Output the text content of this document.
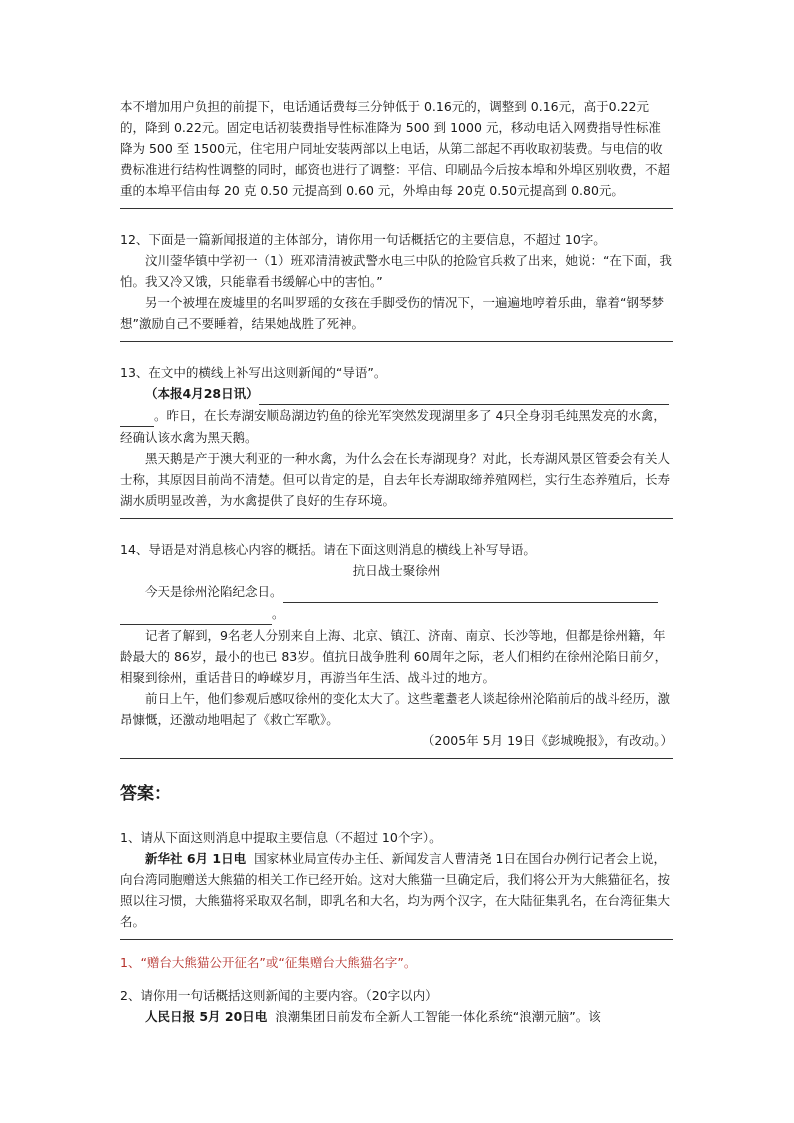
本不增加用户负担的前提下，电话通话费每三分钟低于 0.16元的，调整到 0.16元，高于0.22元的，降到 0.22元。固定电话初装费指导性标准降为 500 到 1000 元，移动电话入网费指导性标准降为 500 至 1500元，住宅用户同址安装两部以上电话，从第二部起不再收取初装费。与电信的收费标准进行结构性调整的同时，邮资也进行了调整：平信、印刷品今后按本埠和外埠区别收费，不超重的本埠平信由每 20 克 0.50 元提高到 0.60 元，外埠由每 20克 0.50元提高到 0.80元。

12、下面是一篇新闻报道的主体部分，请你用一句话概括它的主要信息，不超过 10字。

汶川蓥华镇中学初一（1）班邓清清被武警水电三中队的抢险官兵救了出来，她说：“在下面，我怕。我又冷又饿，只能靠看书缓解心中的害怕。”

另一个被埋在废墟里的名叫罗瑶的女孩在手脚受伤的情况下，一遍遍地哼着乐曲，靠着“钢琴梦想”激励自己不要睡着，结果她战胜了死神。

13、在文中的横线上补写出这则新闻的“导语”。

（本报4月28日讯）

。昨日，在长寿湖安顺岛湖边钓鱼的徐光军突然发现湖里多了 4只全身羽毛纯黑发亮的水禽，经确认该水禽为黑天鹅。

黑天鹅是产于澳大利亚的一种水禽，为什么会在长寿湖现身？对此，长寿湖风景区管委会有关人士称，其原因目前尚不清楚。但可以肯定的是，自去年长寿湖取缔养殖网栏，实行生态养殖后，长寿湖水质明显改善，为水禽提供了良好的生存环境。

14、导语是对消息核心内容的概括。请在下面这则消息的横线上补写导语。

抗日战士聚徐州

今天是徐州沦陷纪念日。

。

记者了解到，9名老人分别来自上海、北京、镇江、济南、南京、长沙等地，但都是徐州籍，年龄最大的 86岁，最小的也已 83岁。值抗日战争胜利 60周年之际，老人们相约在徐州沦陷日前夕，相聚到徐州，重话昔日的峥嵘岁月，再游当年生活、战斗过的地方。

前日上午，他们参观后感叹徐州的变化太大了。这些耄耋老人谈起徐州沦陷前后的战斗经历，激昂慷慨，还激动地唱起了《救亡军歌》。

（2005年 5月 19日《彭城晚报》，有改动。）

答案：

1、请从下面这则消息中提取主要信息（不超过 10个字）。

新华社 6月 1日电 国家林业局宣传办主任、新闻发言人曹清尧 1日在国台办例行记者会上说，向台湾同胞赠送大熊猫的相关工作已经开始。这对大熊猫一旦确定后，我们将公开为大熊猫征名，按照以往习惯，大熊猫将采取双名制，即乳名和大名，均为两个汉字，在大陆征集乳名，在台湾征集大名。

1、“赠台大熊猫公开征名”或“征集赠台大熊猫名字”。

2、请你用一句话概括这则新闻的主要内容。（20字以内）

人民日报 5月 20日电 浪潮集团日前发布全新人工智能一体化系统“浪潮元脑”。该
